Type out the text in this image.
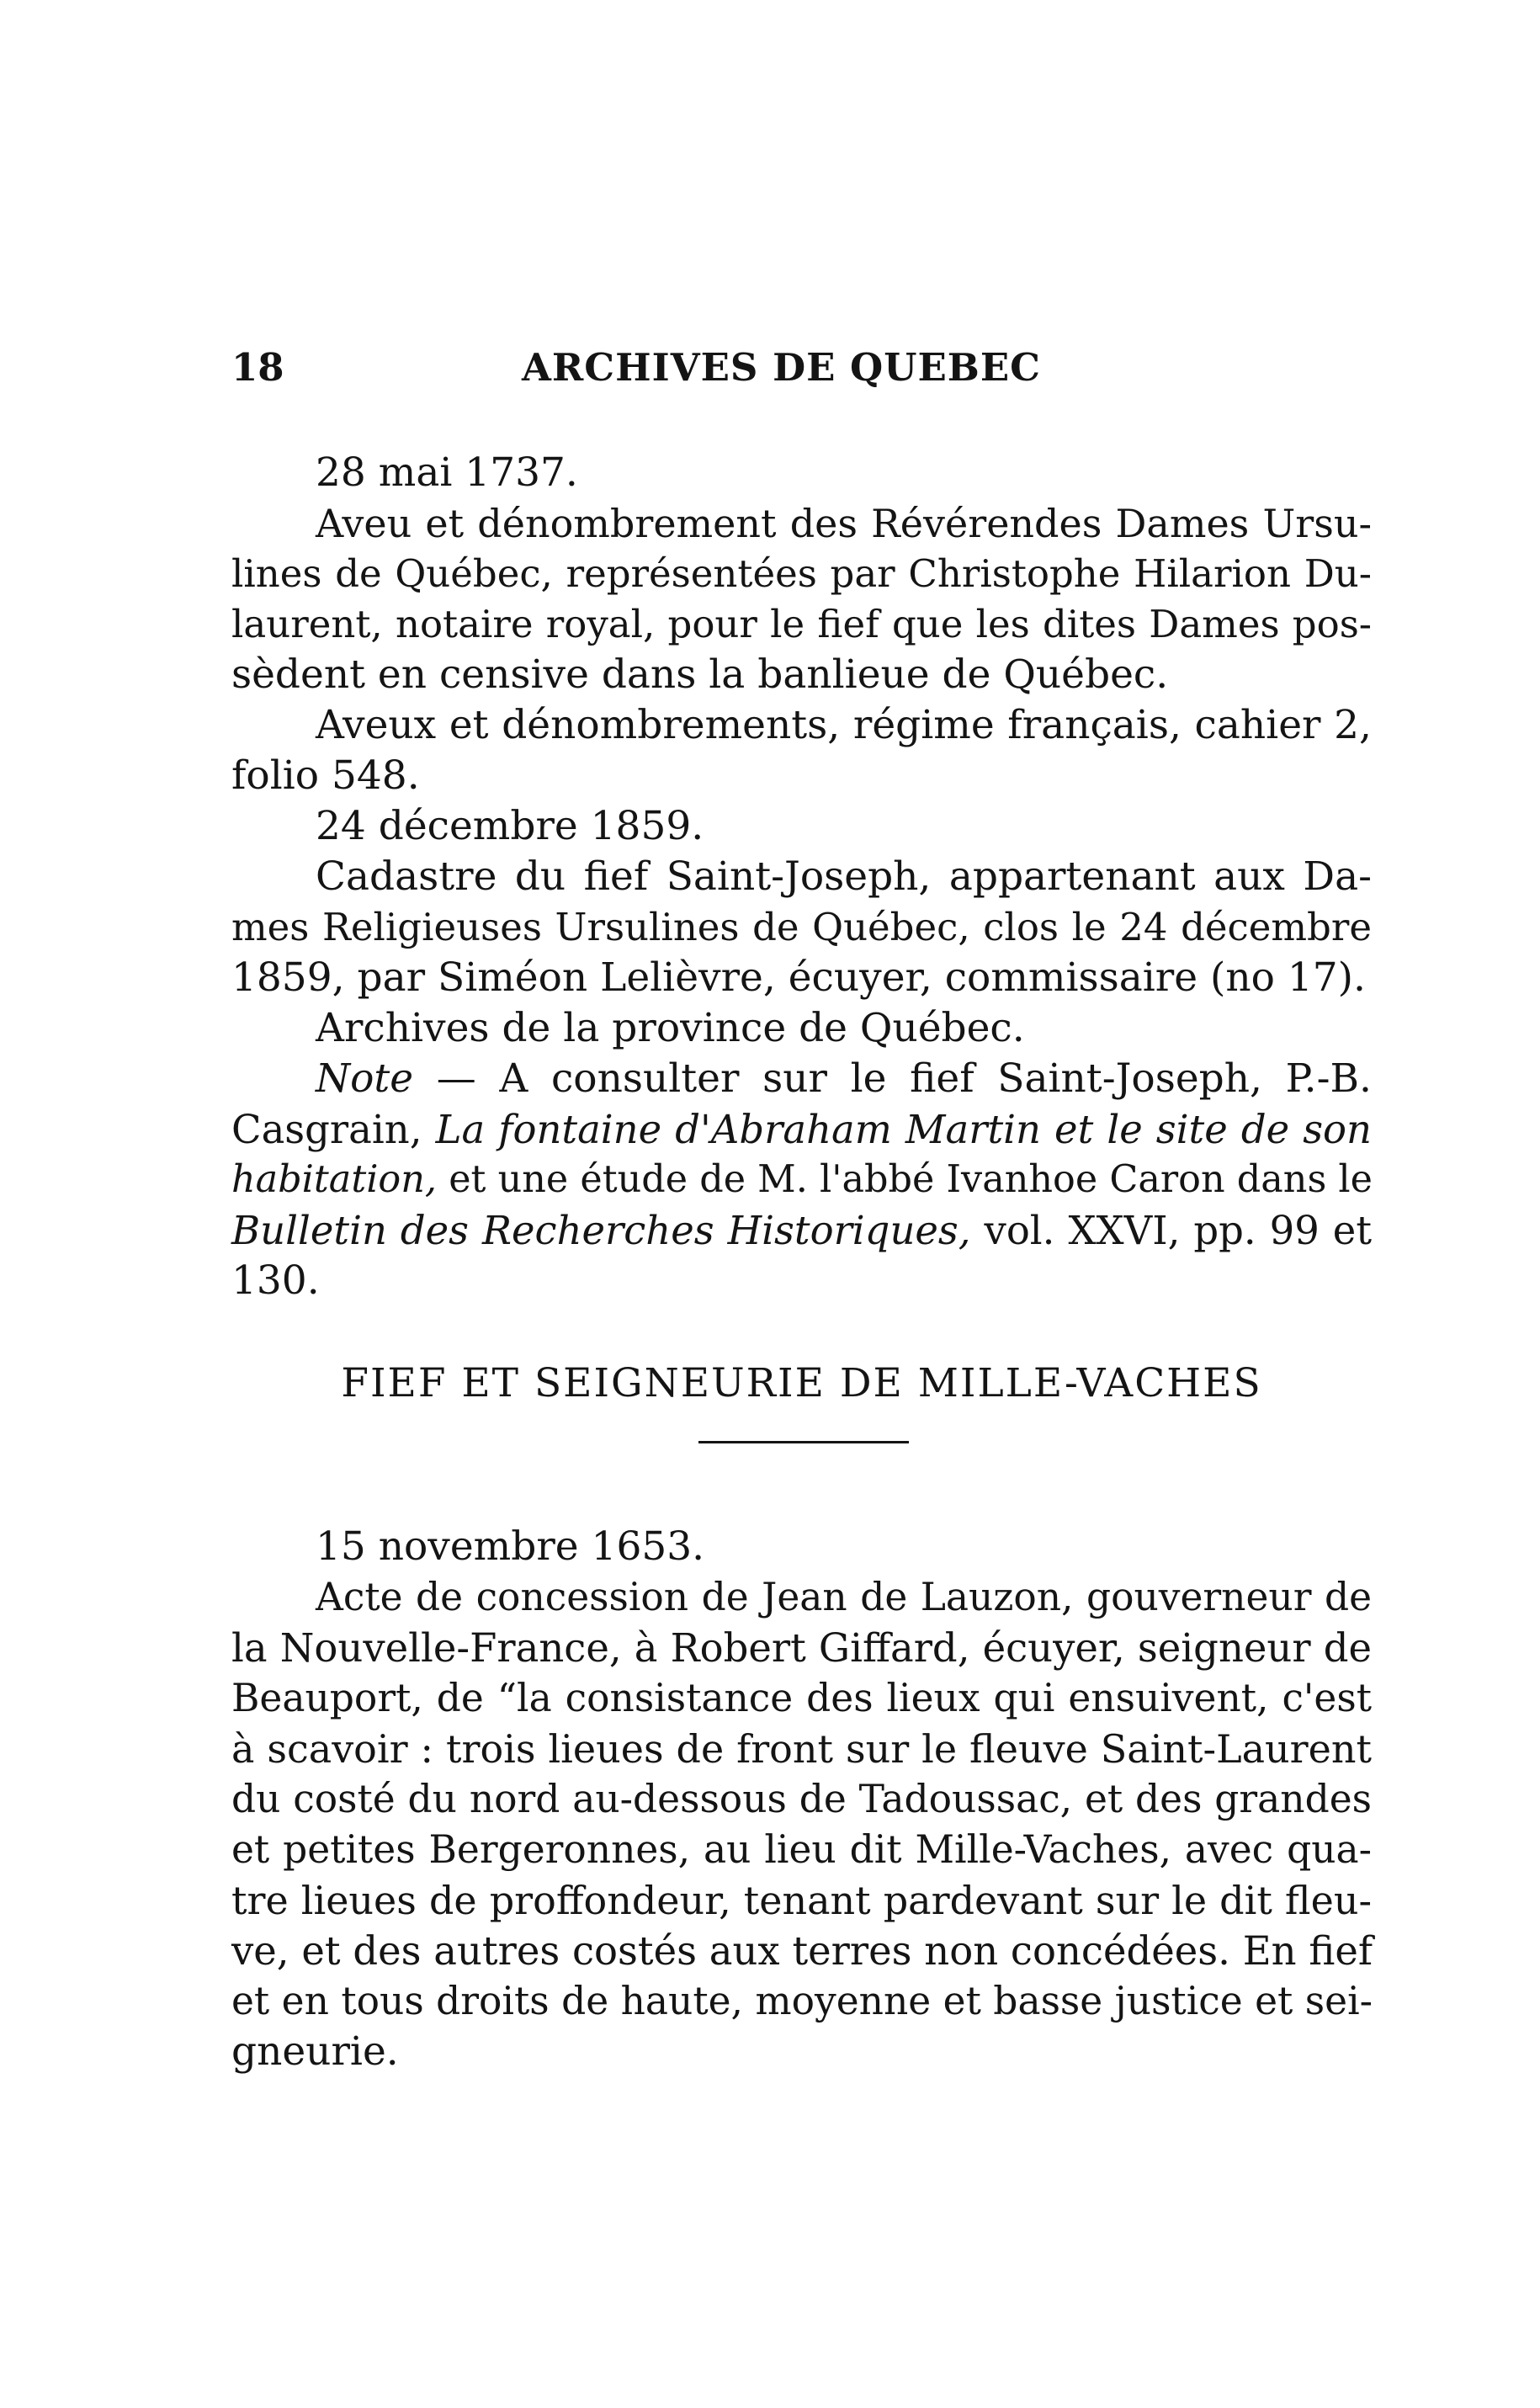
18	ARCHIVES DE QUEBEC
28 mai 1737.
Aveu et dénombrement des Révérendes Dames Ursu-
lines de Québec, représentées par Christophe Hilarion Du-
laurent, notaire royal, pour le fief que les dites Dames pos-
sèdent en censive dans la banlieue de Québec.
Aveux et dénombrements, régime français, cahier 2,
folio 548.
24 décembre 1859.
Cadastre du fief Saint-Joseph, appartenant aux Da-
mes Religieuses Ursulines de Québec, clos le 24 décembre
1859, par Siméon Lelièvre, écuyer, commissaire (no 17).
Archives de la province de Québec.
Note — A consulter sur le fief Saint-Joseph, P.-B.
Casgrain, La fontaine d'Abraham Martin et le site de son
habitation, et une étude de M. l'abbé Ivanhoe Caron dans le
Bulletin des Recherches Historiques, vol. XXVI, pp. 99 et
130.
FIEF ET SEIGNEURIE DE MILLE-VACHES
15 novembre 1653.
Acte de concession de Jean de Lauzon, gouverneur de
la Nouvelle-France, à Robert Giffard, écuyer, seigneur de
Beauport, de “la consistance des lieux qui ensuivent, c'est
à scavoir : trois lieues de front sur le fleuve Saint-Laurent
du costé du nord au-dessous de Tadoussac, et des grandes
et petites Bergeronnes, au lieu dit Mille-Vaches, avec qua-
tre lieues de proffondeur, tenant pardevant sur le dit fleu-
ve, et des autres costés aux terres non concédées. En fief
et en tous droits de haute, moyenne et basse justice et sei-
gneurie.
